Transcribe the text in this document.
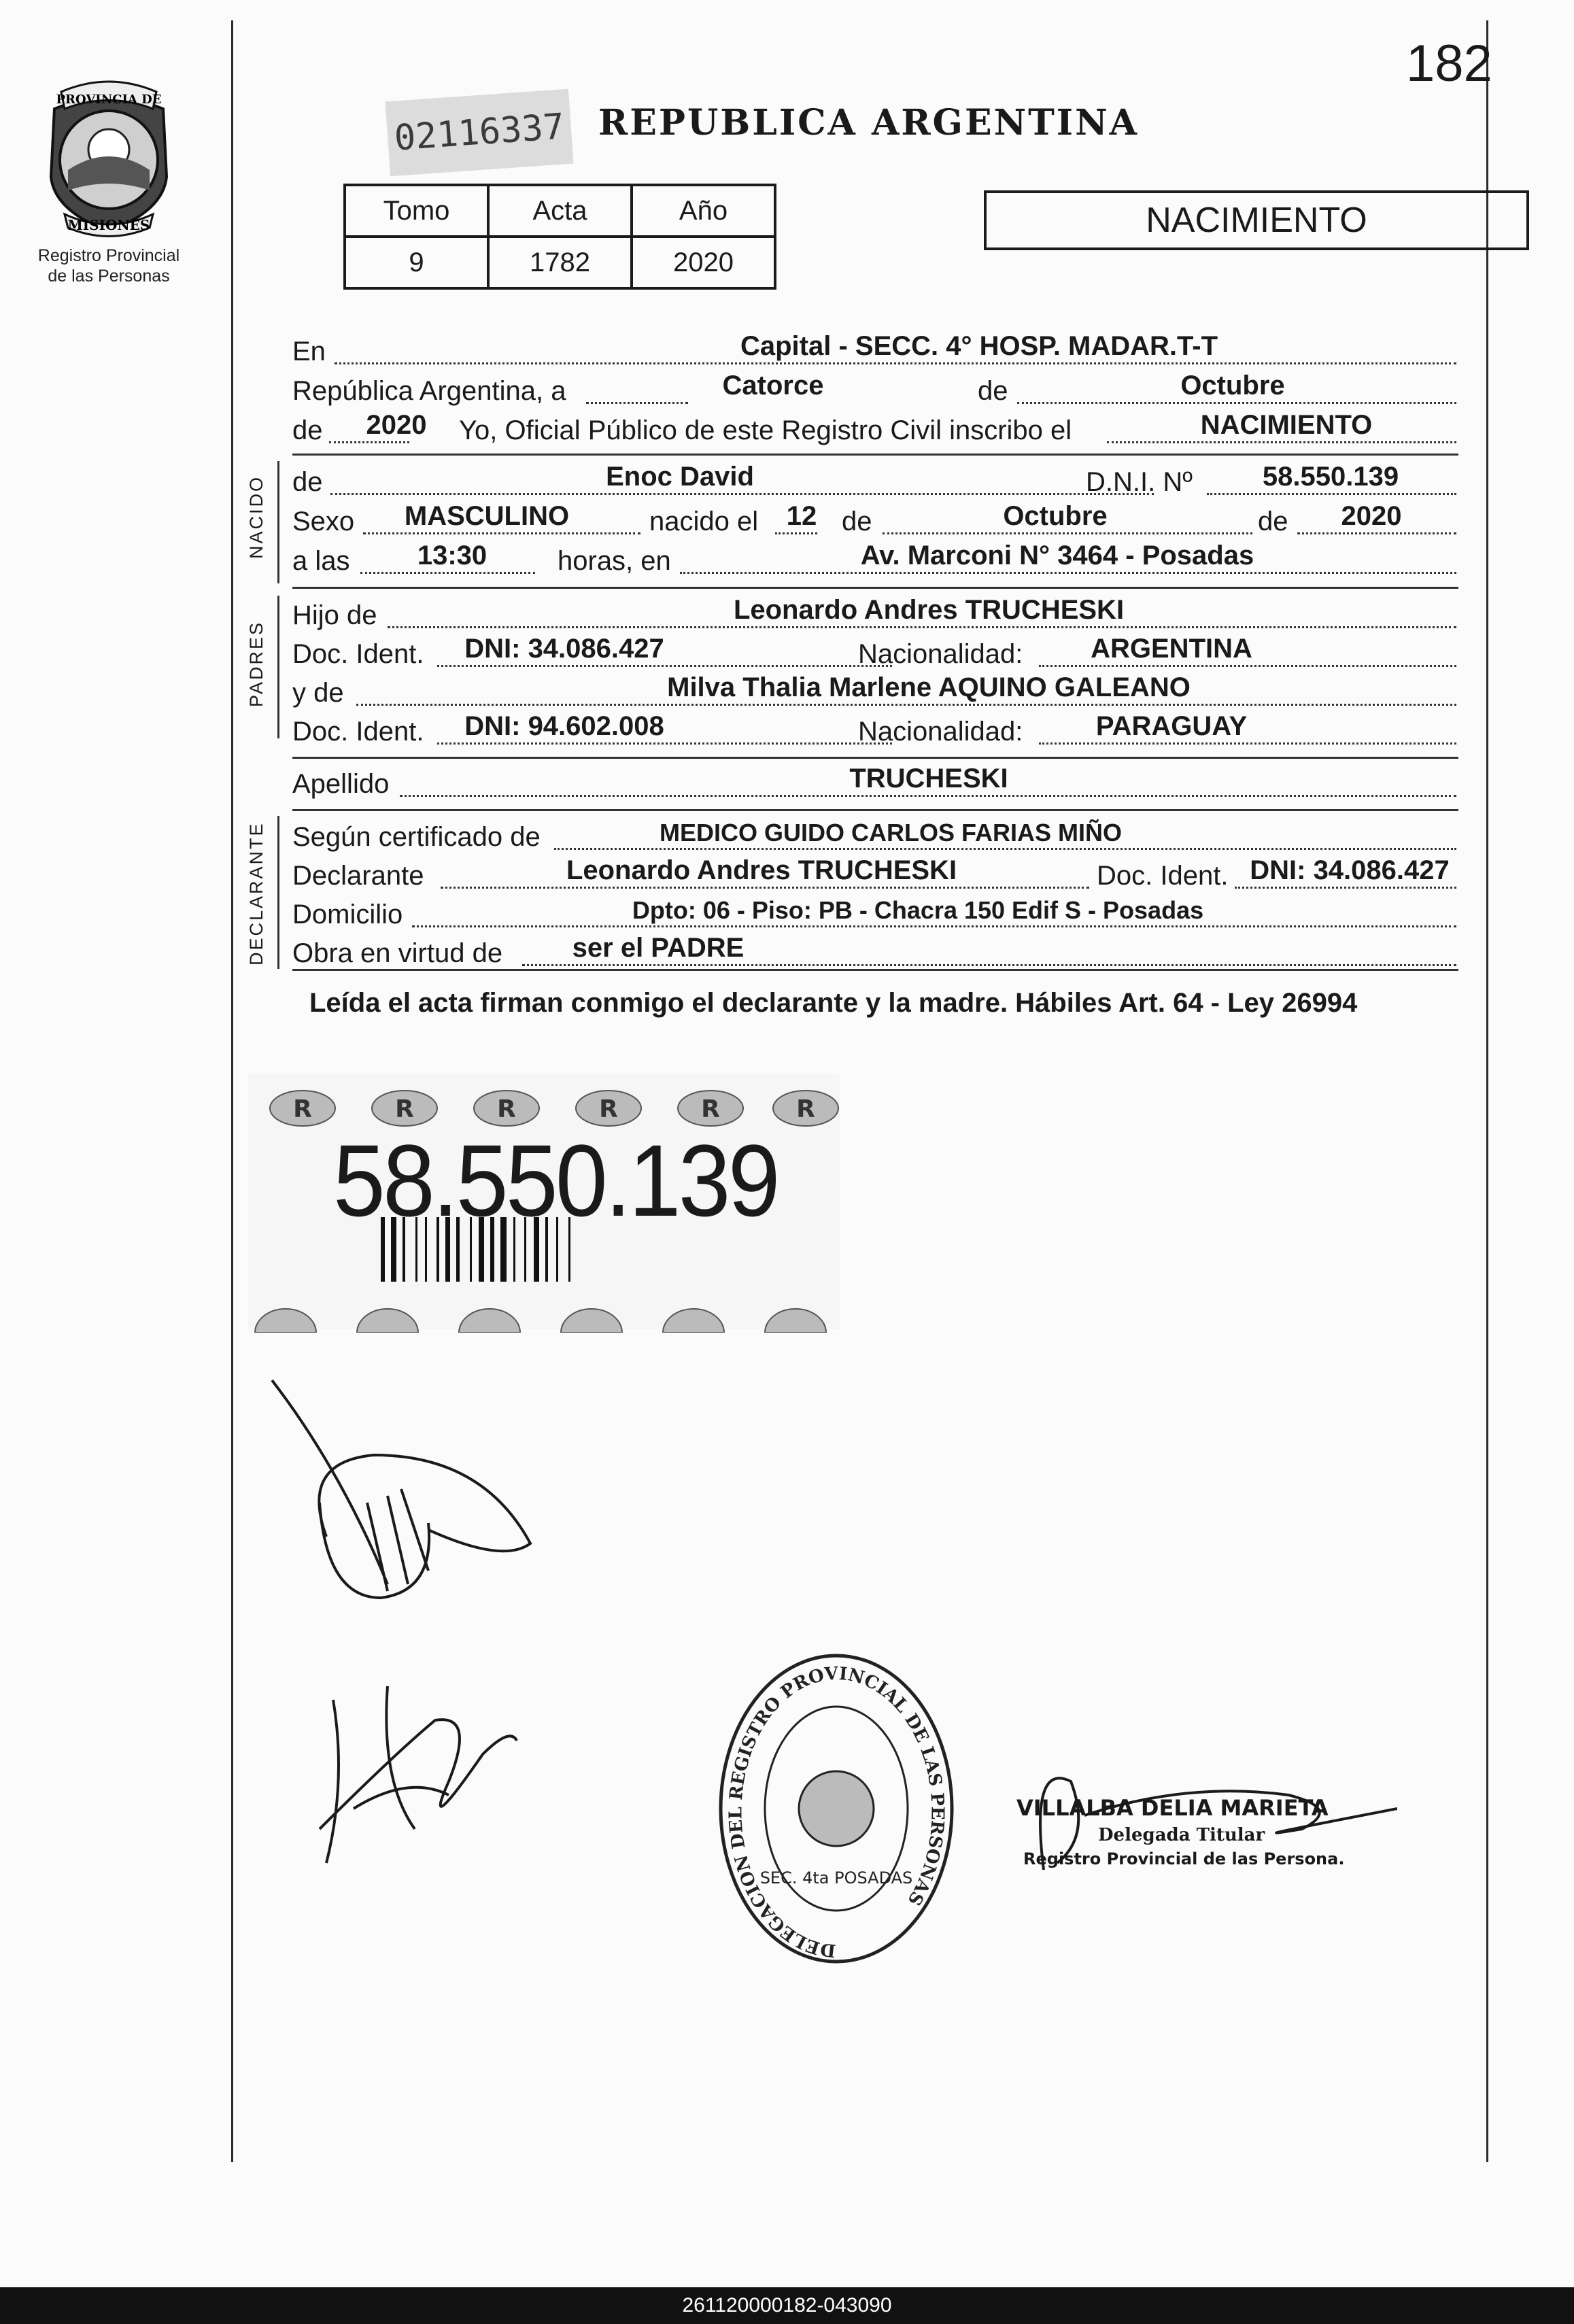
182
PROVINCIA DE
MISIONES
Registro Provincial
de las Personas
02116337 REPUBLICA ARGENTINA
Tomo	Acta	Año
9	1782	2020
NACIMIENTO
En	Capital - SECC. 4° HOSP. MADAR.T-T
República Argentina, a	Catorce	de	Octubre
de 2020 Yo, Oficial Público de este Registro Civil inscribo el	NACIMIENTO
NACIDO de	Enoc David	D.N.I. Nº	58.550.139
Sexo MASCULINO	nacido el 12 de	Octubre	de 2020
a las 13:30	horas, en	Av. Marconi N° 3464 - Posadas
PADRES
Hijo de	Leonardo Andres TRUCHESKI
Doc. Ident. DNI: 34.086.427	Nacionalidad: ARGENTINA
y de	Milva Thalia Marlene AQUINO GALEANO
Doc. Ident. DNI: 94.602.008	Nacionalidad:	PARAGUAY
Apellido	TRUCHESKI
DECLARANTE Según certificado de	MEDICO GUIDO CARLOS FARIAS MIÑO
Declarante	Leonardo Andres TRUCHESKI	Doc. Ident. DNI: 34.086.427
Domicilio	Dpto: 06 - Piso: PB - Chacra 150 Edif S - Posadas
Obra en virtud de	ser el PADRE
Leída el acta firman conmigo el declarante y la madre. Hábiles Art. 64 - Ley 26994
R	R	R	R	R	R
58.550.139
DELEGACION DEL REGISTRO PROVINCIAL DE LAS PERSONAS
SEC. 4ta POSADAS
VILLALBA DELIA MARIETA
Delegada Titular
Registro Provincial de las Persona.
261120000182-043090
